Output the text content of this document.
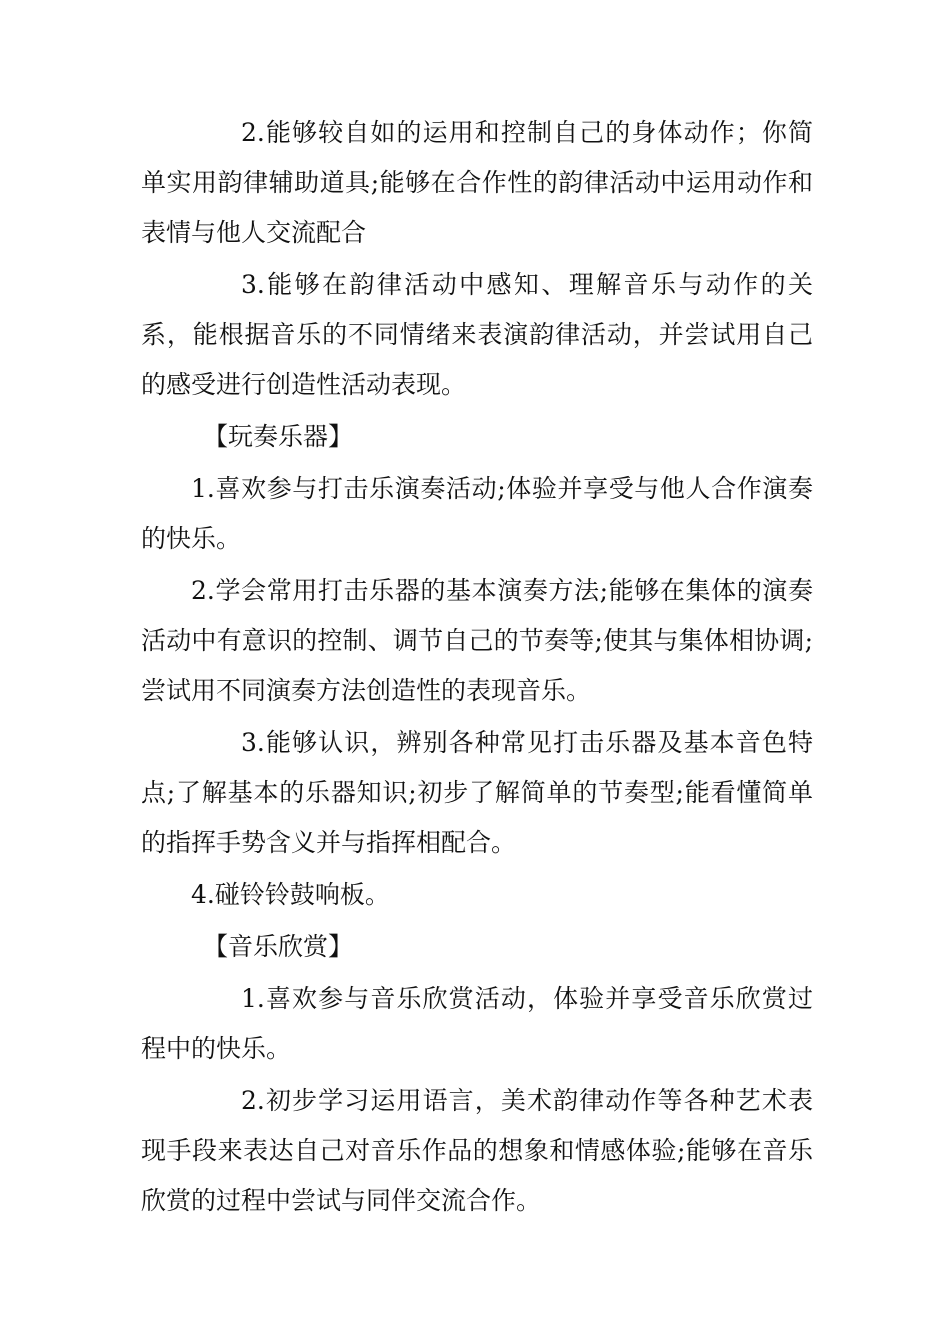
2.能够较自如的运用和控制自己的身体动作；你简单实用韵律辅助道具;能够在合作性的韵律活动中运用动作和表情与他人交流配合

3.能够在韵律活动中感知、理解音乐与动作的关系，能根据音乐的不同情绪来表演韵律活动，并尝试用自己的感受进行创造性活动表现。

【玩奏乐器】

1.喜欢参与打击乐演奏活动;体验并享受与他人合作演奏的快乐。

2.学会常用打击乐器的基本演奏方法;能够在集体的演奏活动中有意识的控制、调节自己的节奏等;使其与集体相协调;尝试用不同演奏方法创造性的表现音乐。

3.能够认识，辨别各种常见打击乐器及基本音色特点;了解基本的乐器知识;初步了解简单的节奏型;能看懂简单的指挥手势含义并与指挥相配合。

4.碰铃铃鼓响板。

【音乐欣赏】

1.喜欢参与音乐欣赏活动，体验并享受音乐欣赏过程中的快乐。

2.初步学习运用语言，美术韵律动作等各种艺术表现手段来表达自己对音乐作品的想象和情感体验;能够在音乐欣赏的过程中尝试与同伴交流合作。
